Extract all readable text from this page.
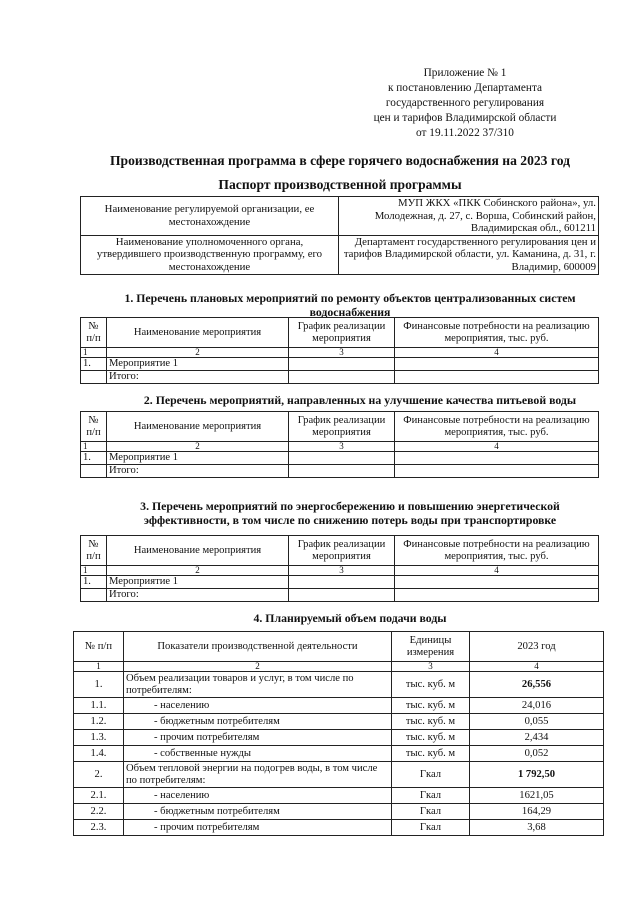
Приложение № 1
к постановлению Департамента
государственного регулирования
цен и тарифов Владимирской области
от 19.11.2022 37/310
Производственная программа в сфере горячего водоснабжения на 2023 год
Паспорт производственной программы
Наименование регулируемой организации, ее местонахождение	МУП ЖКХ «ПКК Собинского района», ул. Молодежная, д. 27, с. Ворша, Собинский район, Владимирская обл., 601211
Наименование уполномоченного органа, утвердившего производственную программу, его местонахождение	Департамент государственного регулирования цен и тарифов Владимирской области, ул. Каманина, д. 31, г. Владимир, 600009
1. Перечень плановых мероприятий по ремонту объектов централизованных систем водоснабжения
№ п/п	Наименование мероприятия	График реализации мероприятия	Финансовые потребности на реализацию мероприятия, тыс. руб.
1	2	3	4
1.	Мероприятие 1		
	Итого:		
2. Перечень мероприятий, направленных на улучшение качества питьевой воды
№ п/п	Наименование мероприятия	График реализации мероприятия	Финансовые потребности на реализацию мероприятия, тыс. руб.
1	2	3	4
1.	Мероприятие 1		
	Итого:		
3. Перечень мероприятий по энергосбережению и повышению энергетической эффективности, в том числе по снижению потерь воды при транспортировке
№ п/п	Наименование мероприятия	График реализации мероприятия	Финансовые потребности на реализацию мероприятия, тыс. руб.
1	2	3	4
1.	Мероприятие 1		
	Итого:		
4. Планируемый объем подачи воды
№ п/п	Показатели производственной деятельности	Единицы измерения	2023 год
1	2	3	4
1.	Объем реализации товаров и услуг, в том числе по потребителям:	тыс. куб. м	26,556
1.1.	- населению	тыс. куб. м	24,016
1.2.	- бюджетным потребителям	тыс. куб. м	0,055
1.3.	- прочим потребителям	тыс. куб. м	2,434
1.4.	- собственные нужды	тыс. куб. м	0,052
2.	Объем тепловой энергии на подогрев воды, в том числе по потребителям:	Гкал	1 792,50
2.1.	- населению	Гкал	1621,05
2.2.	- бюджетным потребителям	Гкал	164,29
2.3.	- прочим потребителям	Гкал	3,68
